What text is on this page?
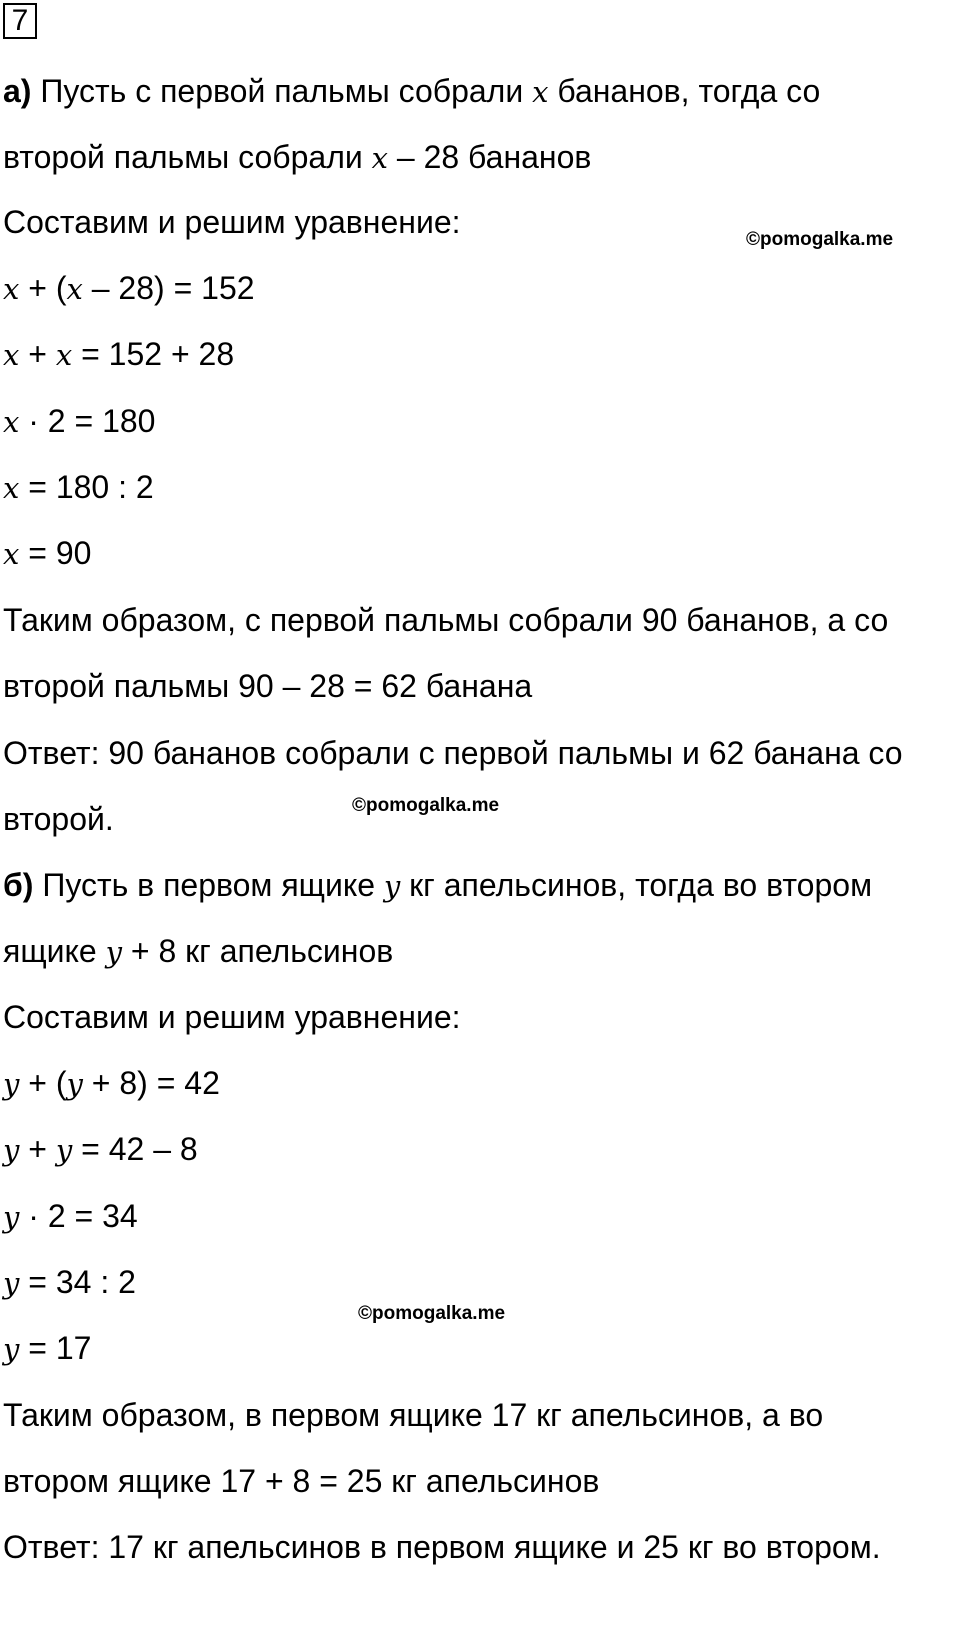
7
а) Пусть с первой пальмы собрали x бананов, тогда со
второй пальмы собрали x – 28 бананов
Составим и решим уравнение:	©pomogalka.me
x + (x – 28) = 152
x + x = 152 + 28
x · 2 = 180
x = 180 : 2
x = 90
Таким образом, с первой пальмы собрали 90 бананов, а со
второй пальмы 90 – 28 = 62 банана
Ответ: 90 бананов собрали с первой пальмы и 62 банана со
второй.	©pomogalka.me
б) Пусть в первом ящике y кг апельсинов, тогда во втором
ящике y + 8 кг апельсинов
Составим и решим уравнение:
y + (y + 8) = 42
y + y = 42 – 8
y · 2 = 34
y = 34 : 2
©pomogalka.me
y = 17
Таким образом, в первом ящике 17 кг апельсинов, а во
втором ящике 17 + 8 = 25 кг апельсинов
Ответ: 17 кг апельсинов в первом ящике и 25 кг во втором.
